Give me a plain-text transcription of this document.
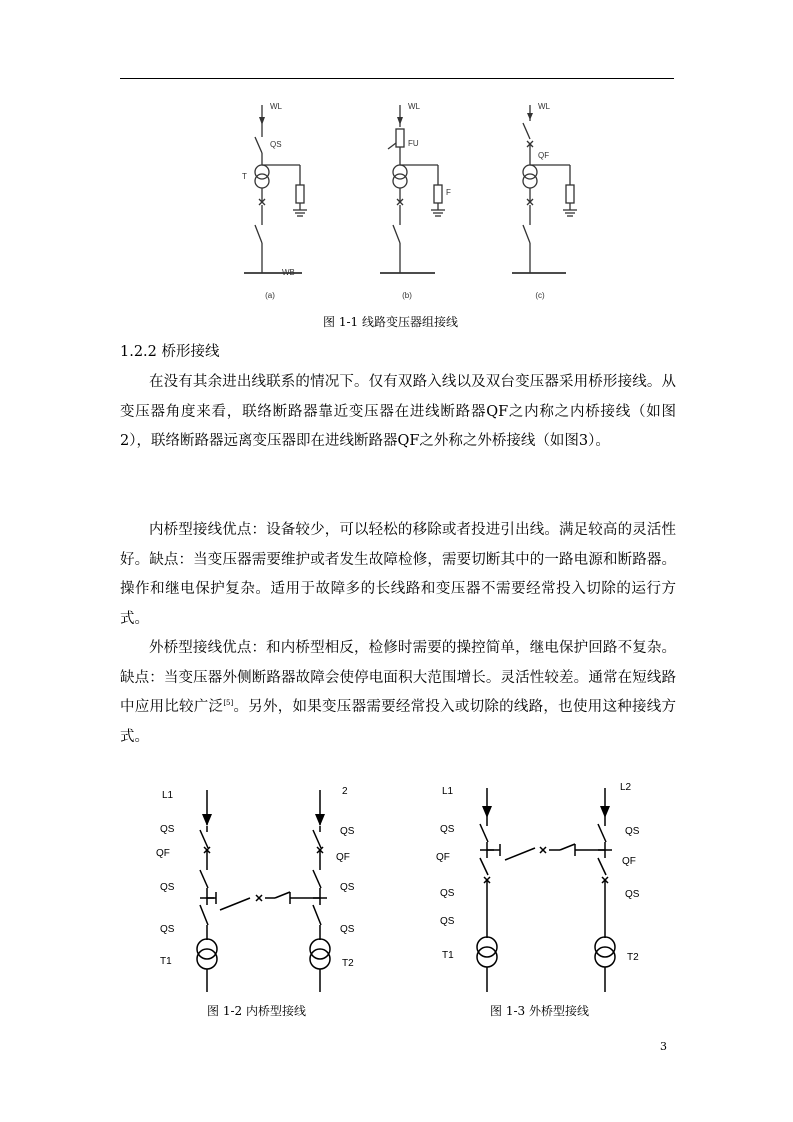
WL
QS
T
WB
(a)
WL
FU
F
(b)
WL
QF
(c)
图 1-1 线路变压器组接线
1.2.2 桥形接线

在没有其余进出线联系的情况下。仅有双路入线以及双台变压器采用桥形接线。从变压器角度来看，联络断路器靠近变压器在进线断路器QF之内称之内桥接线（如图2），联络断路器远离变压器即在进线断路器QF之外称之外桥接线（如图3）。

内桥型接线优点：设备较少，可以轻松的移除或者投进引出线。满足较高的灵活性好。缺点：当变压器需要维护或者发生故障检修，需要切断其中的一路电源和断路器。操作和继电保护复杂。适用于故障多的长线路和变压器不需要经常投入切除的运行方式。

外桥型接线优点：和内桥型相反，检修时需要的操控简单，继电保护回路不复杂。缺点：当变压器外侧断路器故障会使停电面积大范围增长。灵活性较差。通常在短线路中应用比较广泛[5]。另外，如果变压器需要经常投入或切除的线路，也使用这种接线方式。

L1	2
QS
QF
QS
QS
T1
QS
QF
QS
QS
T2
图 1-2 内桥型接线
L1	L2
QS
QF
QS
QS
T1
QS
QF
QS
T2
图 1-3 外桥型接线
3
